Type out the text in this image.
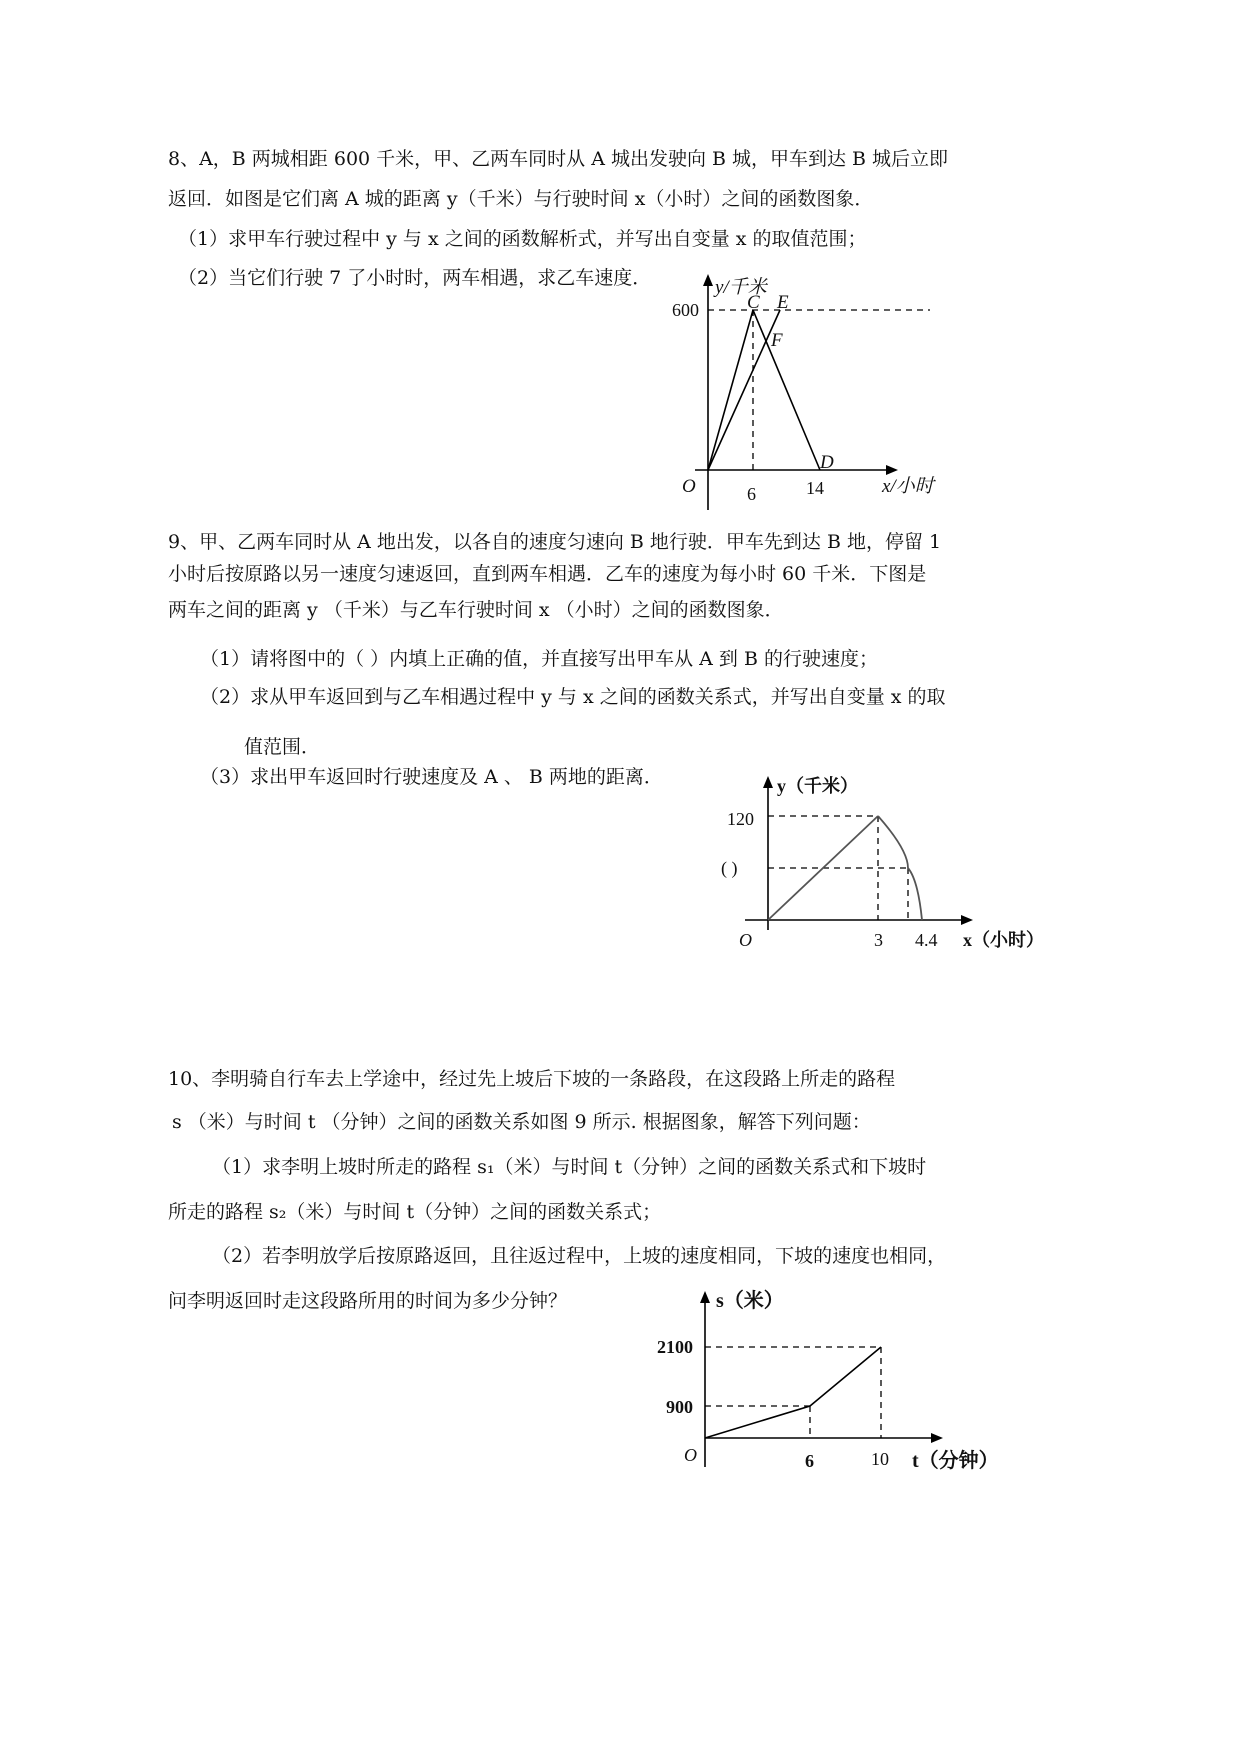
8、A，B 两城相距 600 千米，甲、乙两车同时从 A 城出发驶向 B 城，甲车到达 B 城后立即
返回．如图是它们离 A 城的距离 y（千米）与行驶时间 x（小时）之间的函数图象．
（1）求甲车行驶过程中 y 与 x 之间的函数解析式，并写出自变量 x 的取值范围；
（2）当它们行驶 7 了小时时，两车相遇，求乙车速度．	y/千米
600	C E
F
D
O	6	14	x/小时
9、甲、乙两车同时从 A 地出发，以各自的速度匀速向 B 地行驶．甲车先到达 B 地，停留 1
小时后按原路以另一速度匀速返回，直到两车相遇．乙车的速度为每小时 60 千米．下图是
两车之间的距离 y （千米）与乙车行驶时间 x （小时）之间的函数图象．
（1）请将图中的（ ）内填上正确的值，并直接写出甲车从 A 到 B 的行驶速度；
（2）求从甲车返回到与乙车相遇过程中 y 与 x 之间的函数关系式，并写出自变量 x 的取
值范围．
（3）求出甲车返回时行驶速度及 A 、 B 两地的距离．	y（千米）
120
( )
O	3 4.4 x（小时）
10、李明骑自行车去上学途中，经过先上坡后下坡的一条路段，在这段路上所走的路程
s （米）与时间 t （分钟）之间的函数关系如图 9 所示. 根据图象，解答下列问题：
（1）求李明上坡时所走的路程 s₁（米）与时间 t（分钟）之间的函数关系式和下坡时
所走的路程 s₂（米）与时间 t（分钟）之间的函数关系式；
（2）若李明放学后按原路返回，且往返过程中，上坡的速度相同，下坡的速度也相同，
问李明返回时走这段路所用的时间为多少分钟？	s（米）
2100
900
O	6	10 t（分钟）
